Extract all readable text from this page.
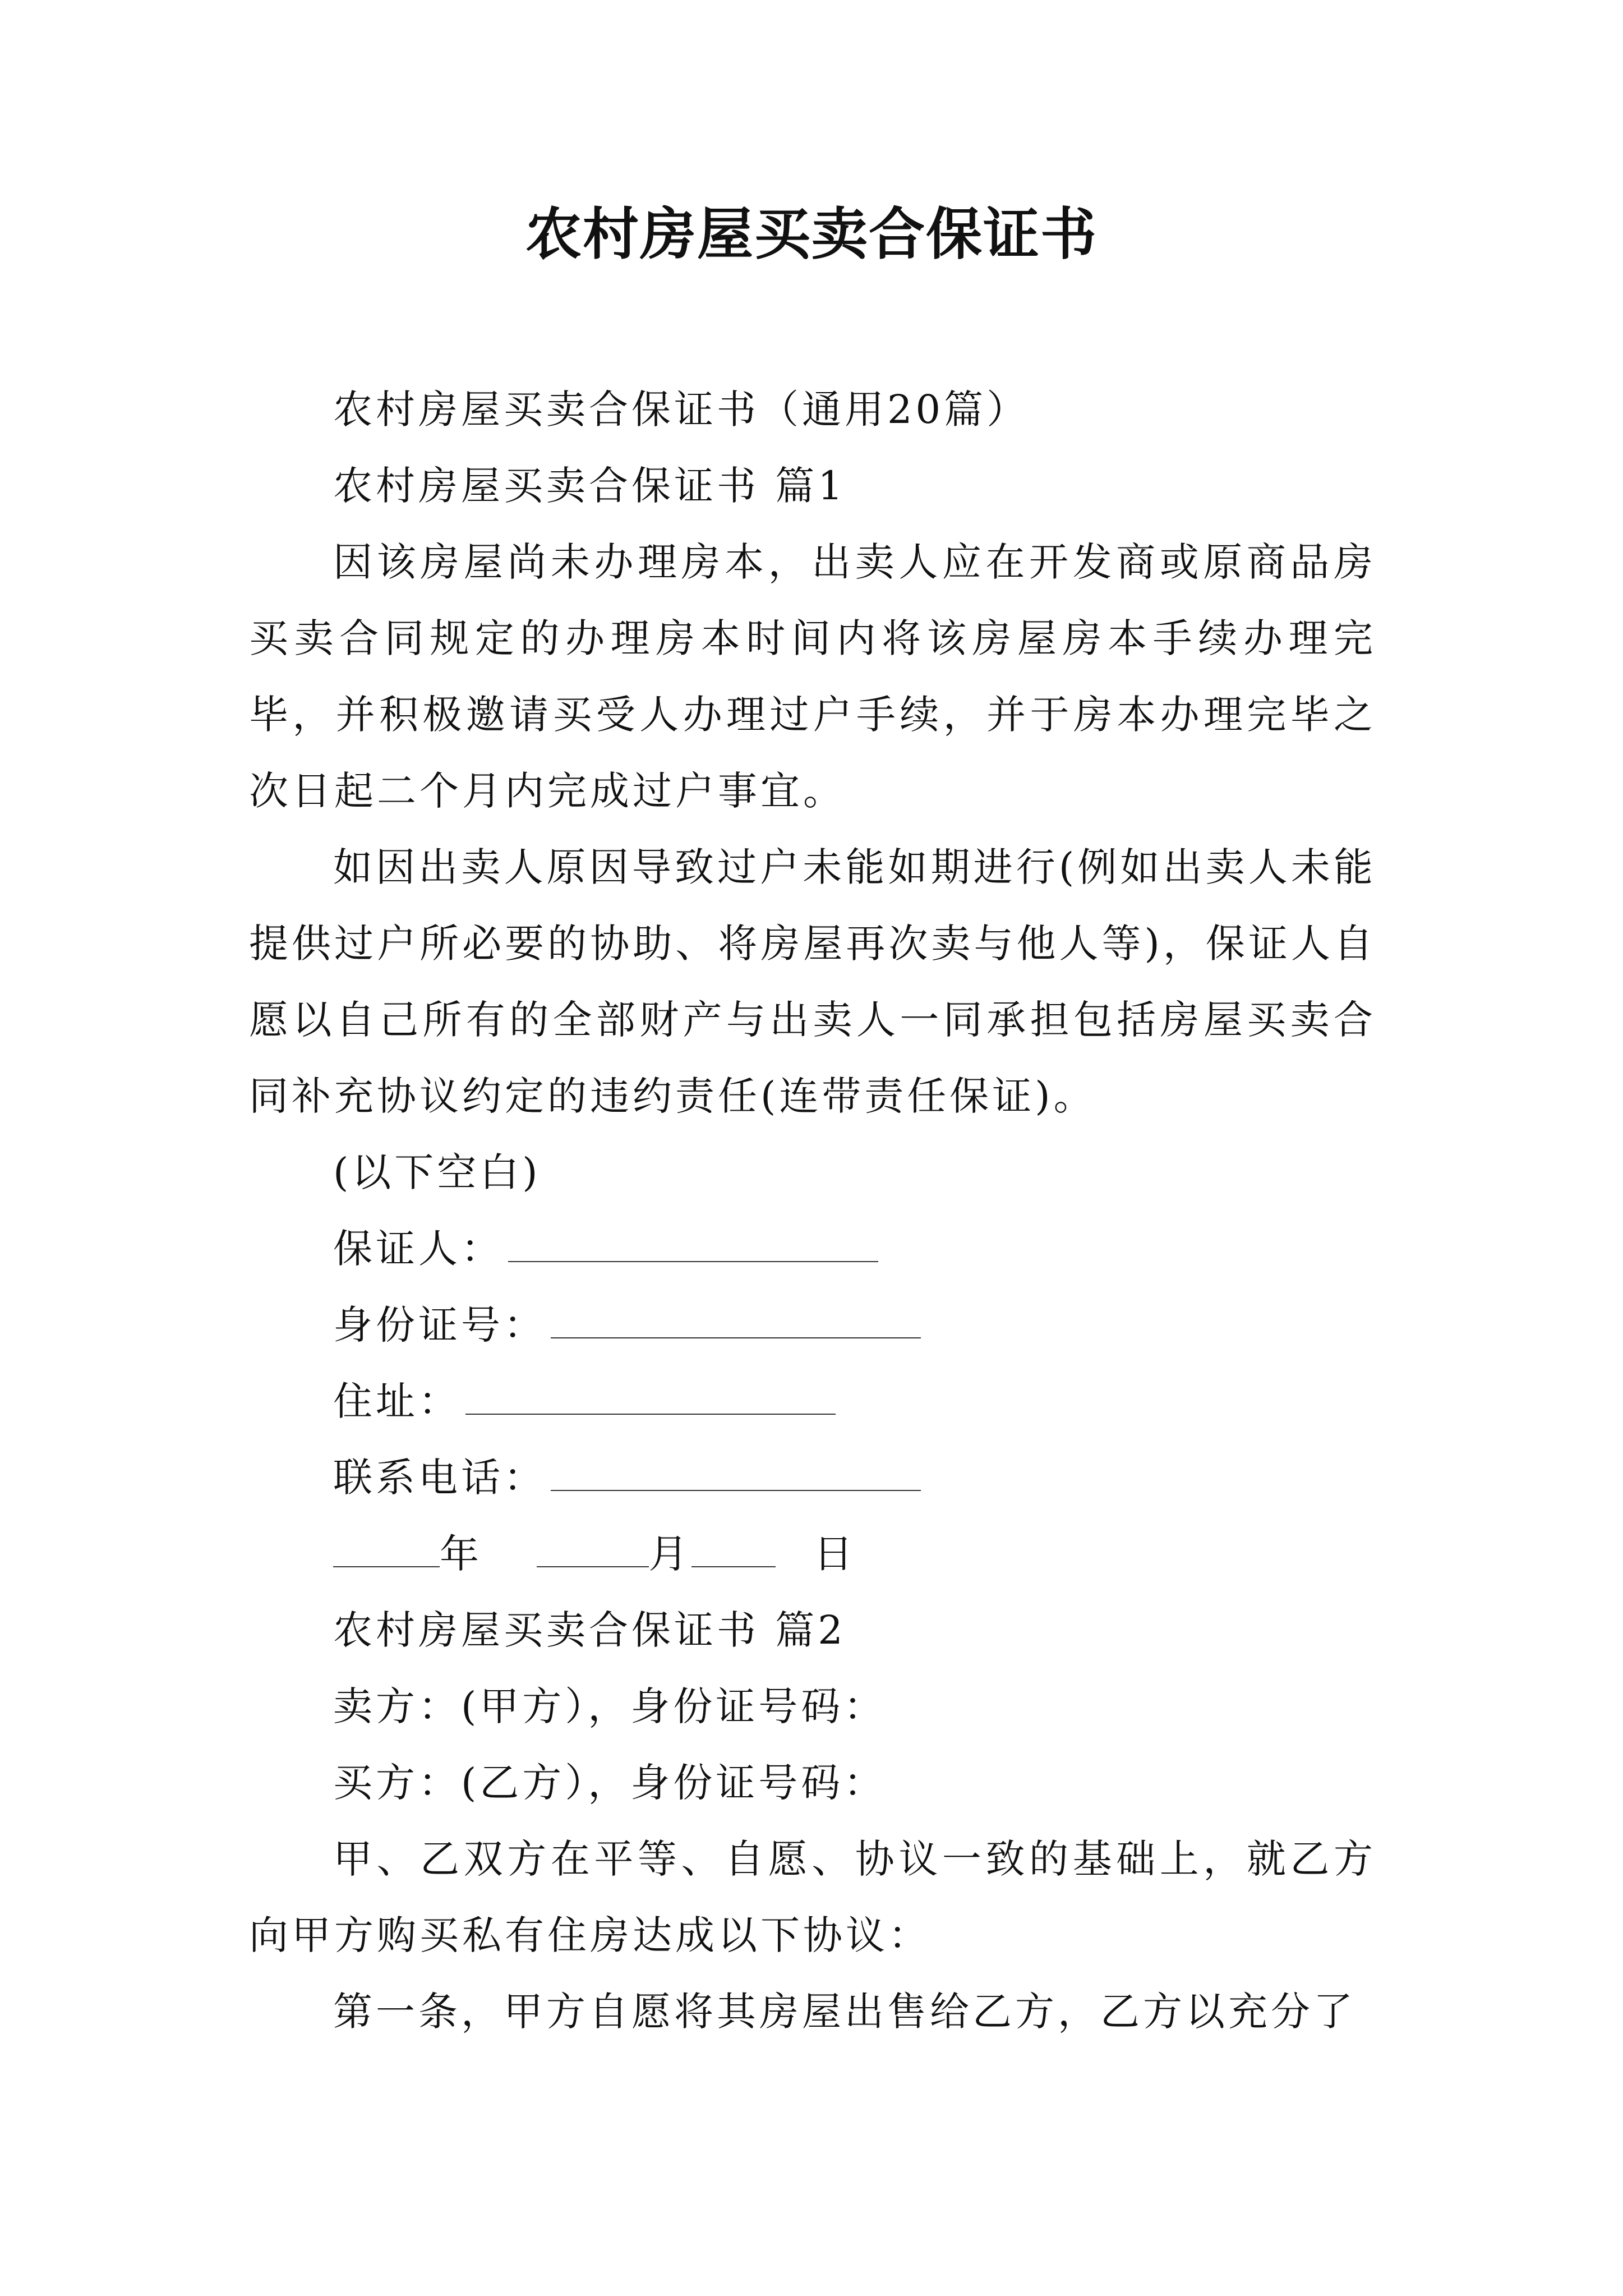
农村房屋买卖合保证书

农村房屋买卖合保证书（通用20篇）

农村房屋买卖合保证书 篇1

因该房屋尚未办理房本，出卖人应在开发商或原商品房买卖合同规定的办理房本时间内将该房屋房本手续办理完毕，并积极邀请买受人办理过户手续，并于房本办理完毕之次日起二个月内完成过户事宜。

如因出卖人原因导致过户未能如期进行(例如出卖人未能提供过户所必要的协助、将房屋再次卖与他人等)，保证人自愿以自己所有的全部财产与出卖人一同承担包括房屋买卖合同补充协议约定的违约责任(连带责任保证)。

(以下空白)

保证人：
身份证号：
住址：
联系电话：
年	月	日

农村房屋买卖合保证书 篇2

卖方：(甲方），身份证号码：

买方：(乙方），身份证号码：

甲、乙双方在平等、自愿、协议一致的基础上，就乙方向甲方购买私有住房达成以下协议：

第一条，甲方自愿将其房屋出售给乙方，乙方以充分了
